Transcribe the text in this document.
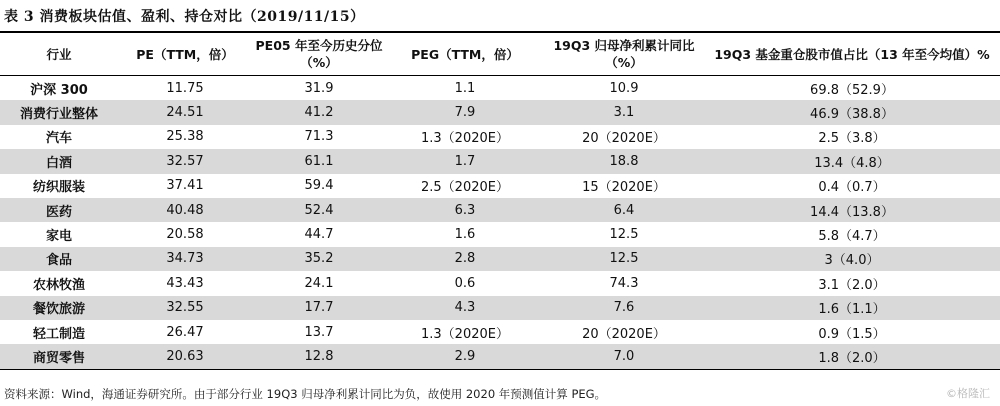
表 3 消费板块估值、盈利、持仓对比（2019/11/15）
行业	PE（TTM，倍）	PE05 年至今历史分位（%）	PEG（TTM，倍）	19Q3 归母净利累计同比（%）	19Q3 基金重仓股市值占比（13 年至今均值）%
沪深 300	11.75	31.9	1.1	10.9	69.8（52.9）
消费行业整体	24.51	41.2	7.9	3.1	46.9（38.8）
汽车	25.38	71.3	1.3（2020E）	20（2020E）	2.5（3.8）
白酒	32.57	61.1	1.7	18.8	13.4（4.8）
纺织服装	37.41	59.4	2.5（2020E）	15（2020E）	0.4（0.7）
医药	40.48	52.4	6.3	6.4	14.4（13.8）
家电	20.58	44.7	1.6	12.5	5.8（4.7）
食品	34.73	35.2	2.8	12.5	3（4.0）
农林牧渔	43.43	24.1	0.6	74.3	3.1（2.0）
餐饮旅游	32.55	17.7	4.3	7.6	1.6（1.1）
轻工制造	26.47	13.7	1.3（2020E）	20（2020E）	0.9（1.5）
商贸零售	20.63	12.8	2.9	7.0	1.8（2.0）
资料来源：Wind，海通证券研究所。由于部分行业 19Q3 归母净利累计同比为负，故使用 2020 年预测值计算 PEG。	©格隆汇
